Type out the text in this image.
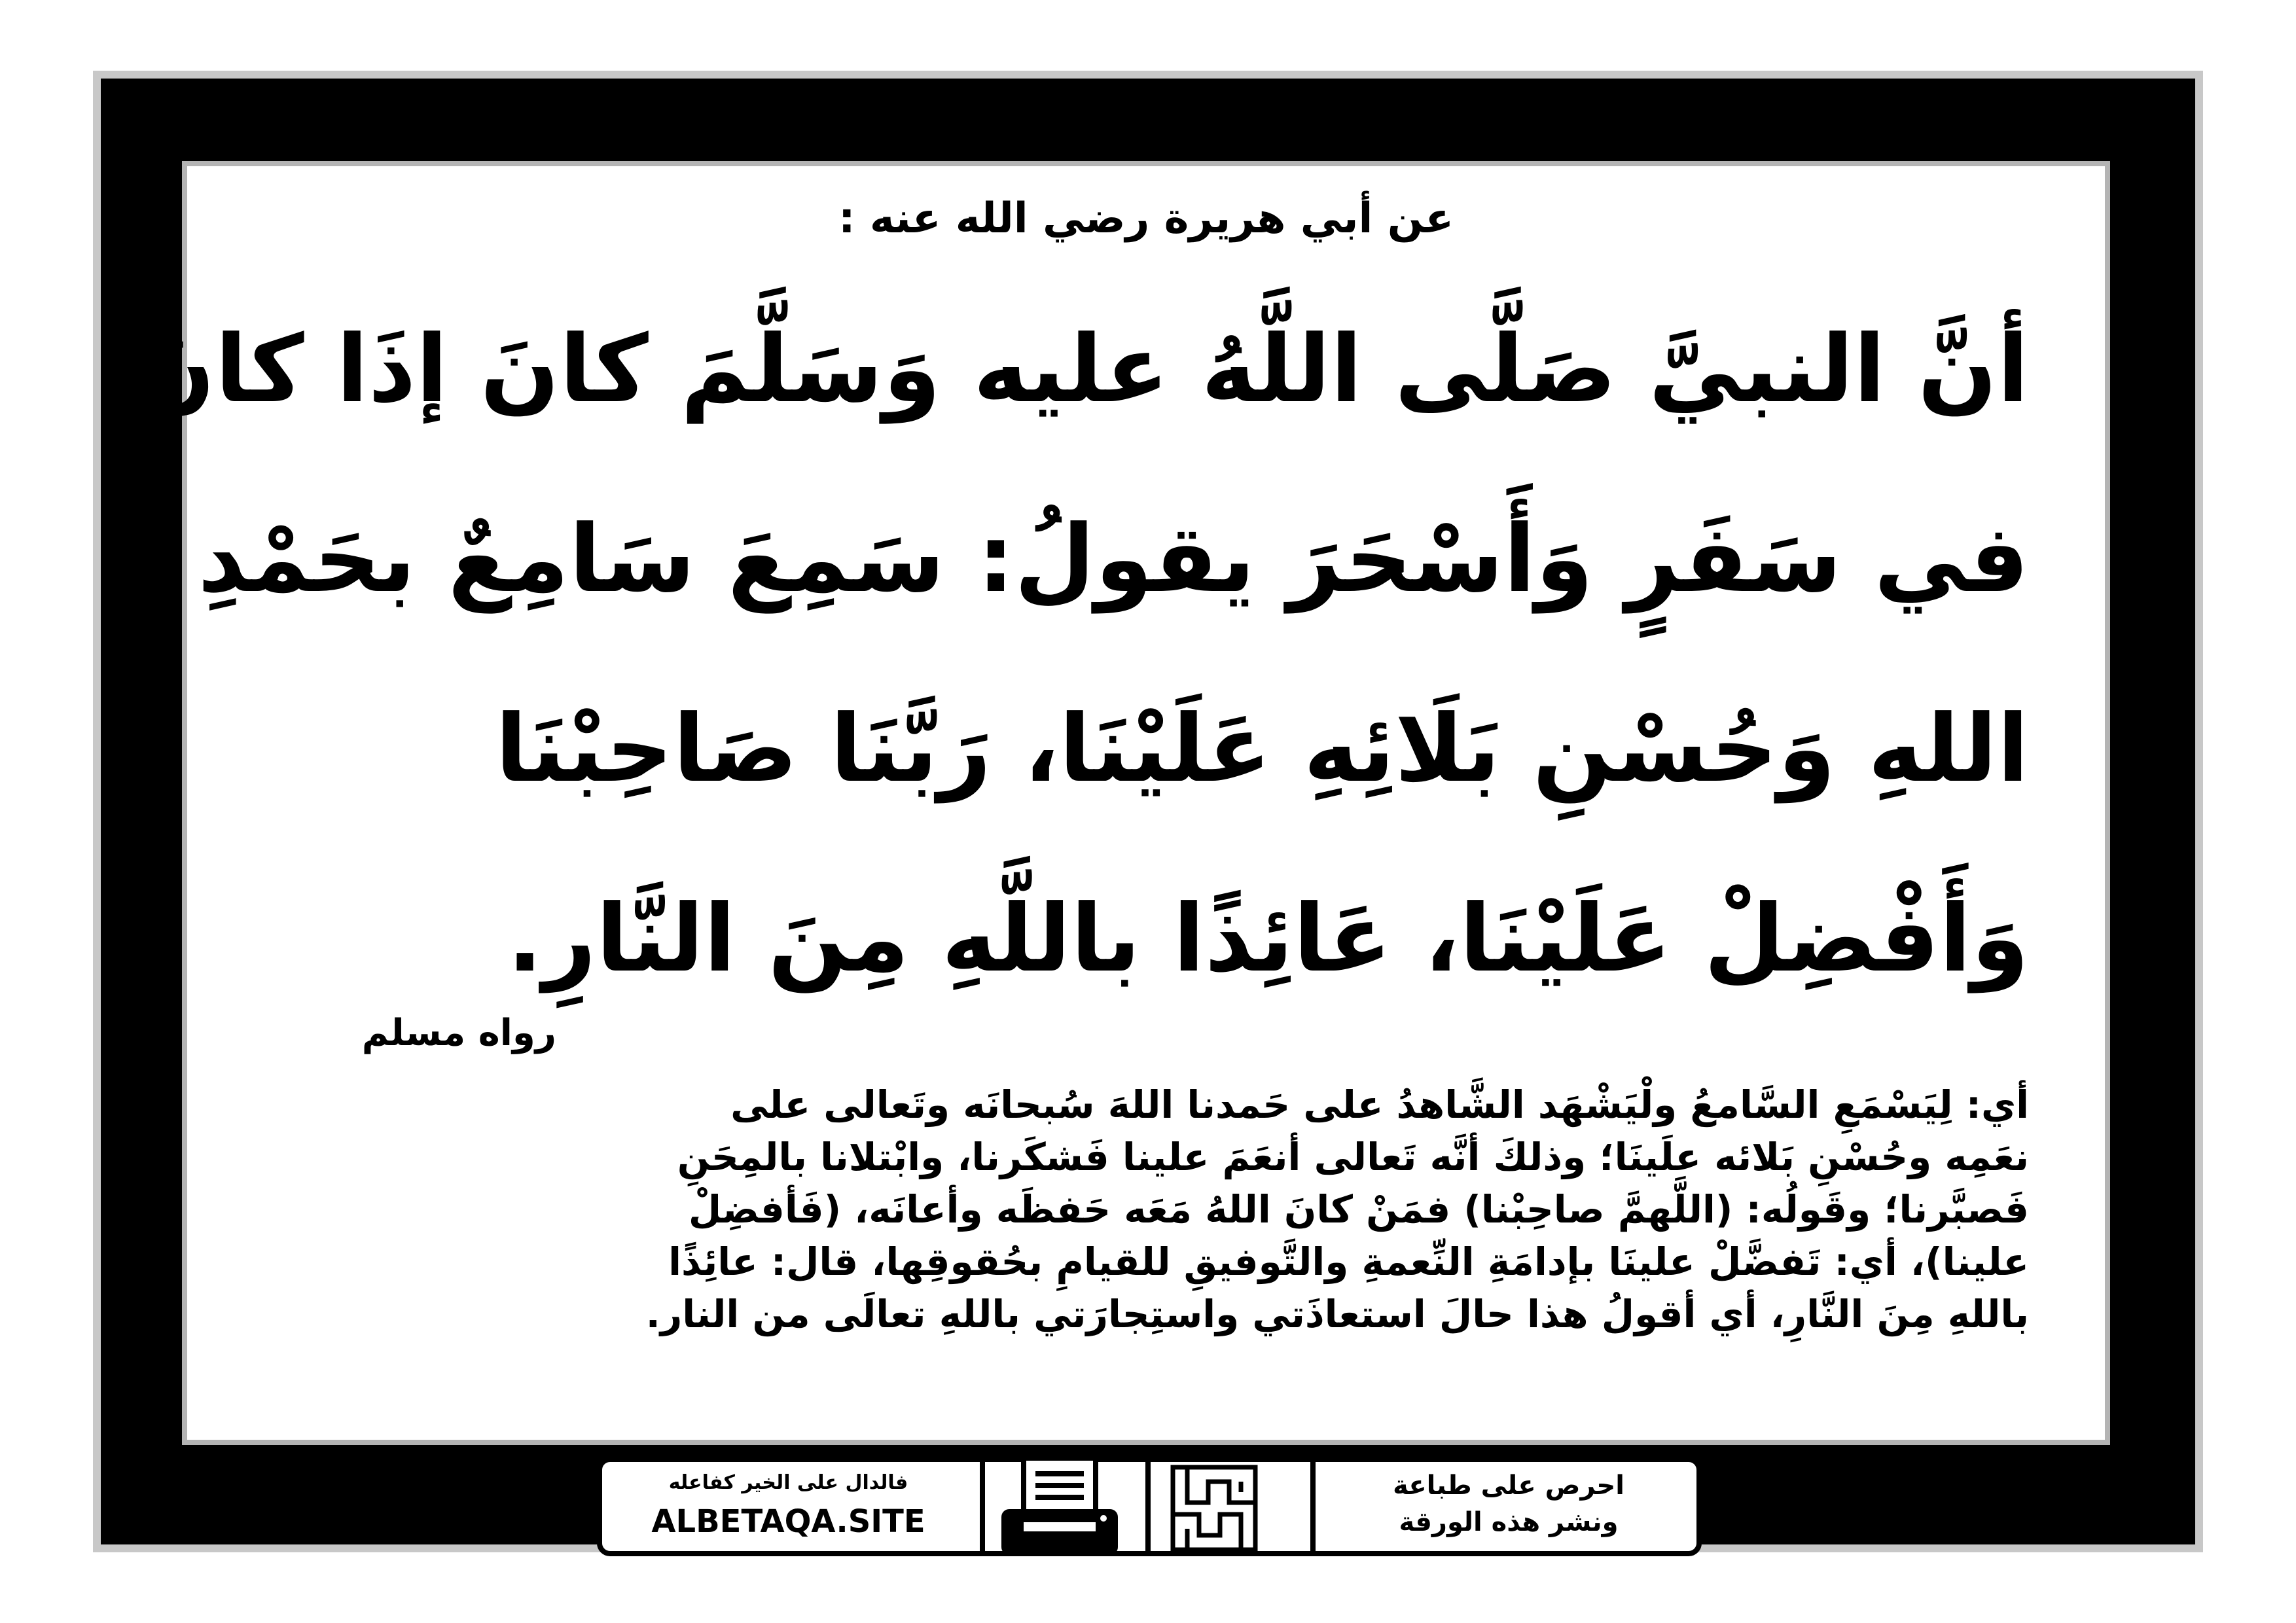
عن أبي هريرة رضي الله عنه :
أنَّ النبيَّ صَلَّى اللَّهُ عليه وَسَلَّمَ كانَ إذَا كانَ
في سَفَرٍ وَأَسْحَرَ يقولُ: سَمِعَ سَامِعٌ بحَمْدِ
اللهِ وَحُسْنِ بَلَائِهِ عَلَيْنَا، رَبَّنَا صَاحِبْنَا
وَأَفْضِلْ عَلَيْنَا، عَائِذًا باللَّهِ مِنَ النَّارِ.
رواه مسلم
أي: لِيَسْمَعِ السَّامعُ ولْيَشْهَد الشَّاهدُ على حَمدنا اللهَ سُبحانَه وتَعالى على
نعَمِه وحُسْنِ بَلائه علَينَا؛ وذلكَ أنَّه تَعالى أنعَمَ علينا فَشكَرنا، وابْتلانا بالمِحَنِ
فَصبَّرنا؛ وقَولُه: (اللَّهمَّ صاحِبْنا) فمَنْ كانَ اللهُ مَعَه حَفظَه وأعانَه، (فَأفضِلْ
علينا)، أي: تَفضَّلْ علينَا بإدامَةِ النِّعمةِ والتَّوفيقِ للقيامِ بحُقوقِها، قال: عائِذًا
باللهِ مِنَ النَّارِ، أي أقولُ هذا حالَ استعاذَتي واستِجارَتي باللهِ تعالَى من النار.
فالدال على الخير كفاعله
ALBETAQA.SITE
احرص على طباعة
ونشر هذه الورقة
